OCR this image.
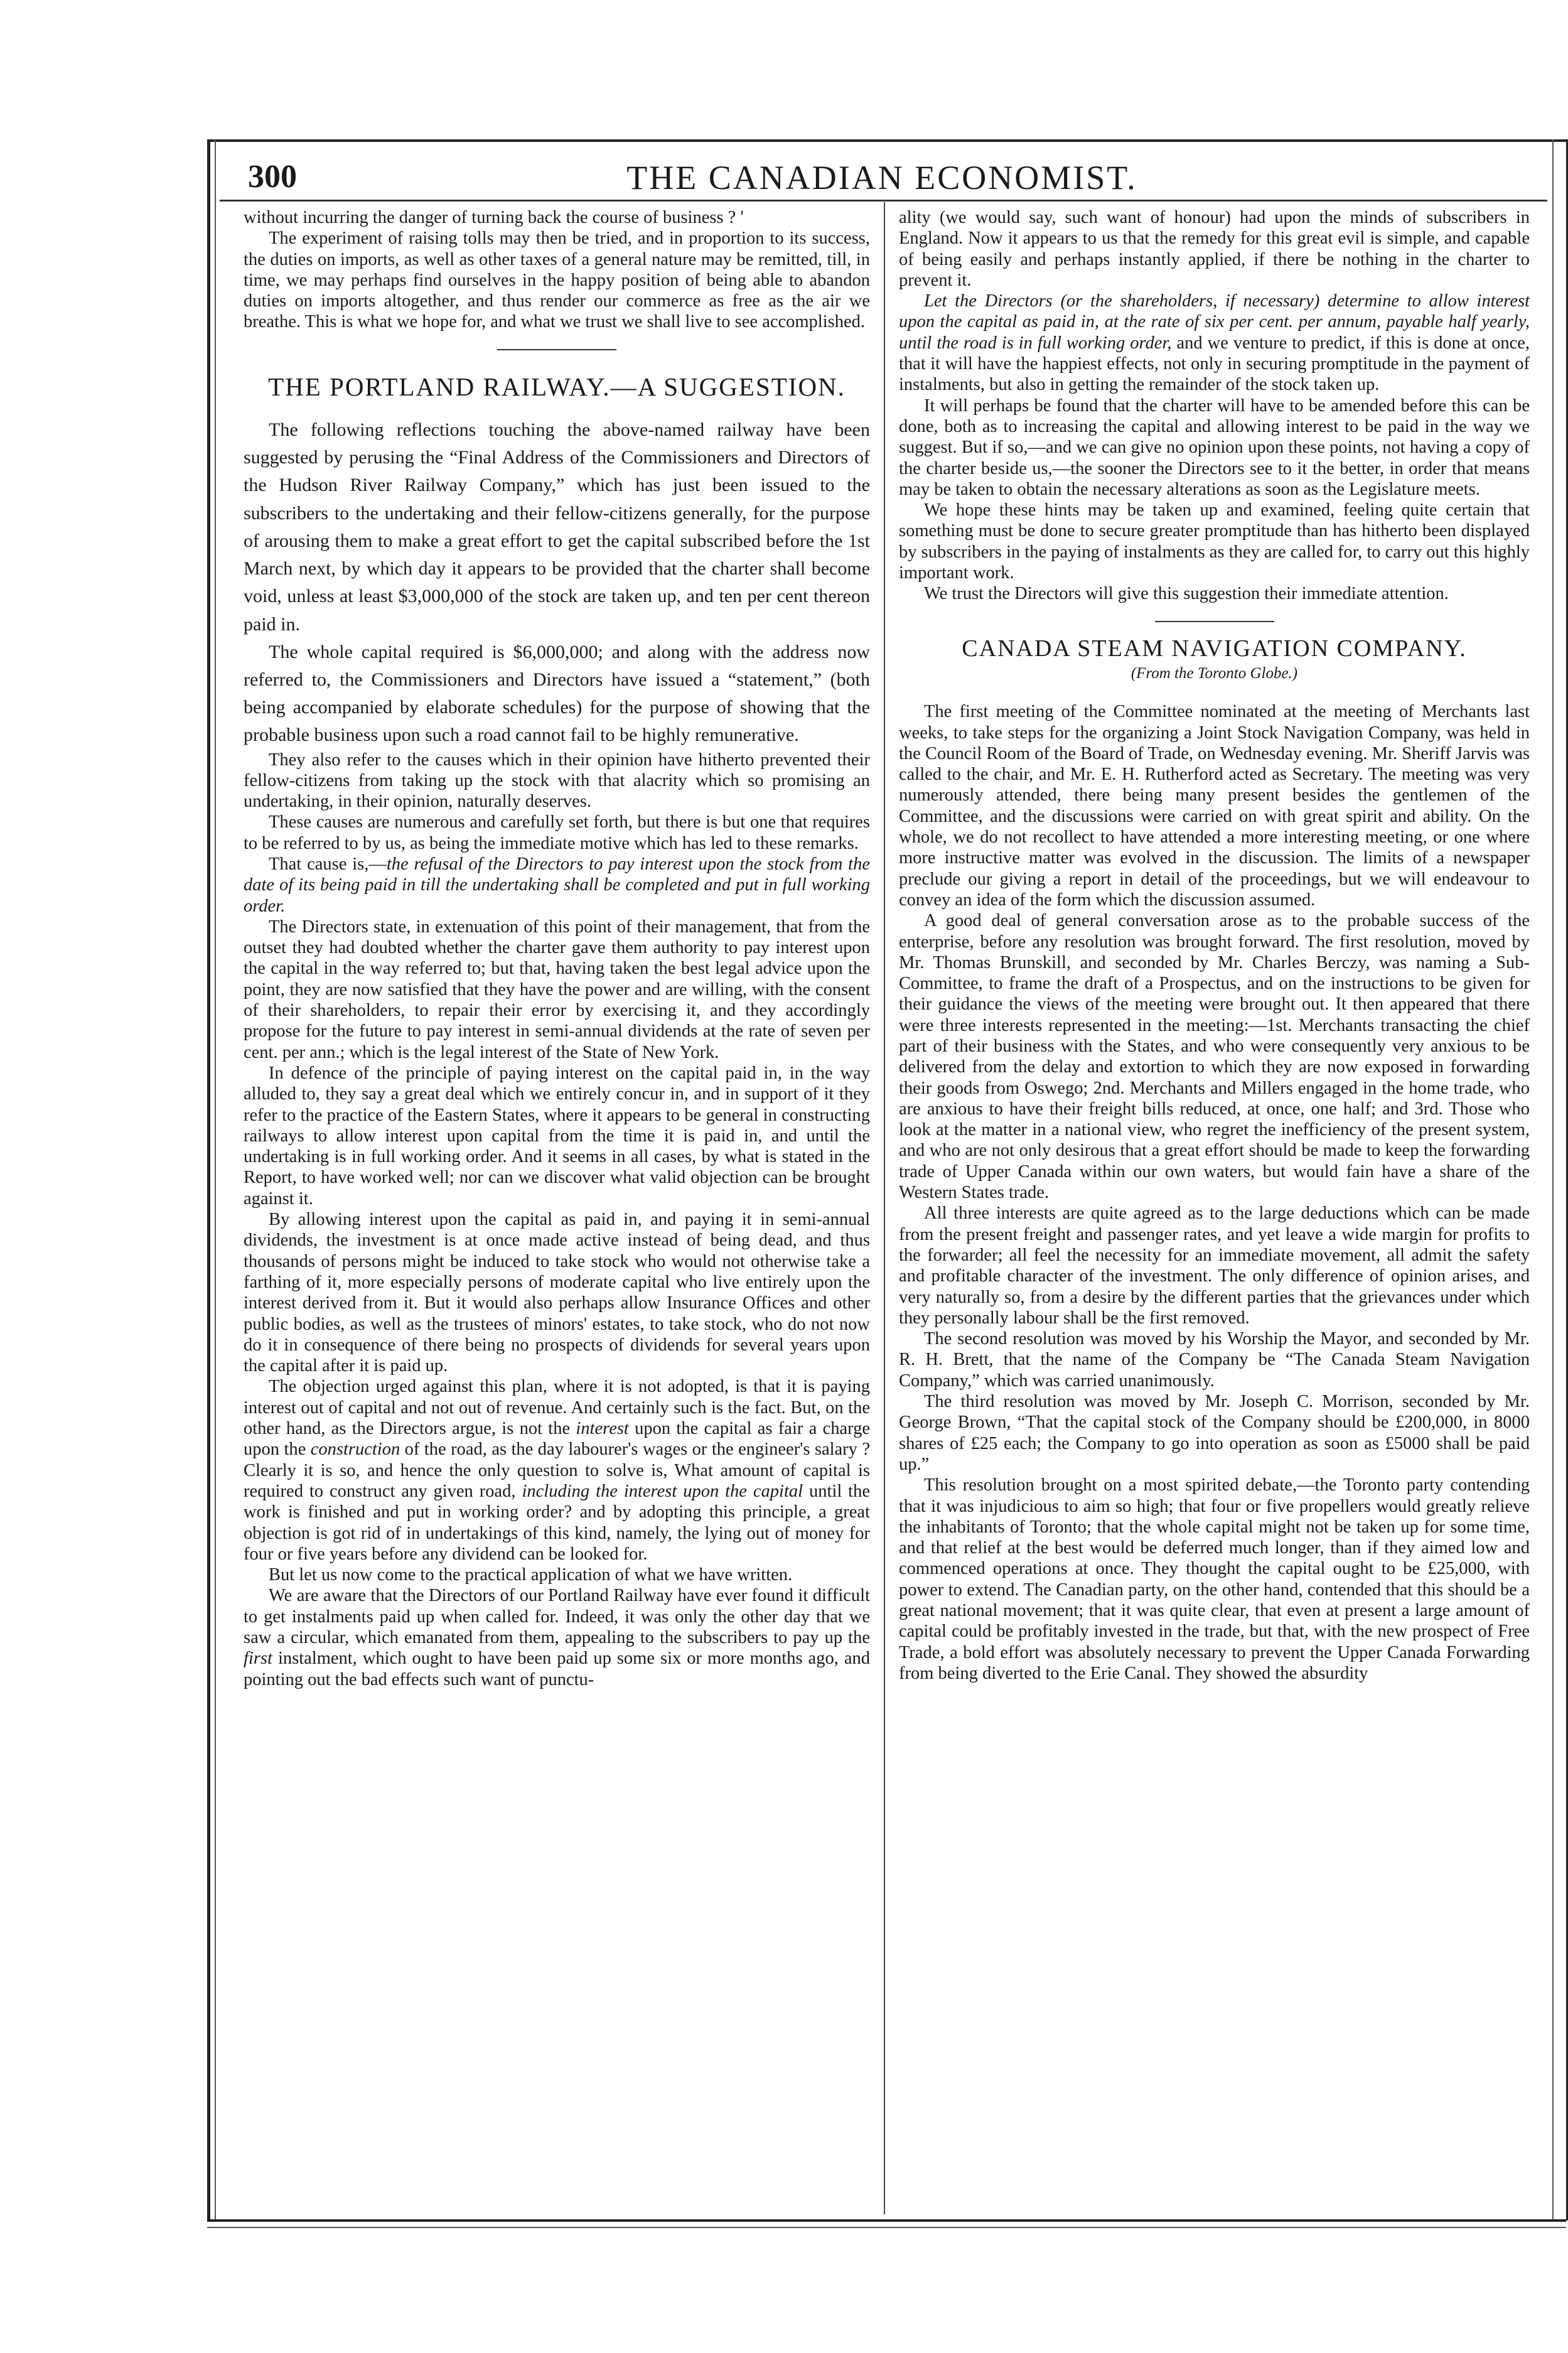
300	THE CANADIAN ECONOMIST.

without incurring the danger of turning back the course of business ? '

The experiment of raising tolls may then be tried, and in proportion to its success, the duties on imports, as well as other taxes of a general nature may be remitted, till, in time, we may perhaps find ourselves in the happy position of being able to abandon duties on imports altogether, and thus render our commerce as free as the air we breathe. This is what we hope for, and what we trust we shall live to see accomplished.

THE PORTLAND RAILWAY.—A SUGGESTION.

The following reflections touching the above-named railway have been suggested by perusing the “Final Address of the Commissioners and Directors of the Hudson River Railway Company,” which has just been issued to the subscribers to the undertaking and their fellow-citizens generally, for the purpose of arousing them to make a great effort to get the capital subscribed before the 1st March next, by which day it appears to be provided that the charter shall become void, unless at least $3,000,000 of the stock are taken up, and ten per cent thereon paid in.

The whole capital required is $6,000,000; and along with the address now referred to, the Commissioners and Directors have issued a “statement,” (both being accompanied by elaborate schedules) for the purpose of showing that the probable business upon such a road cannot fail to be highly remunerative.

They also refer to the causes which in their opinion have hitherto prevented their fellow-citizens from taking up the stock with that alacrity which so promising an undertaking, in their opinion, naturally deserves.

These causes are numerous and carefully set forth, but there is but one that requires to be referred to by us, as being the immediate motive which has led to these remarks.

That cause is,—the refusal of the Directors to pay interest upon the stock from the date of its being paid in till the undertaking shall be completed and put in full working order.

The Directors state, in extenuation of this point of their management, that from the outset they had doubted whether the charter gave them authority to pay interest upon the capital in the way referred to; but that, having taken the best legal advice upon the point, they are now satisfied that they have the power and are willing, with the consent of their shareholders, to repair their error by exercising it, and they accordingly propose for the future to pay interest in semi-annual dividends at the rate of seven per cent. per ann.; which is the legal interest of the State of New York.

In defence of the principle of paying interest on the capital paid in, in the way alluded to, they say a great deal which we entirely concur in, and in support of it they refer to the practice of the Eastern States, where it appears to be general in constructing railways to allow interest upon capital from the time it is paid in, and until the undertaking is in full working order. And it seems in all cases, by what is stated in the Report, to have worked well; nor can we discover what valid objection can be brought against it.

By allowing interest upon the capital as paid in, and paying it in semi-annual dividends, the investment is at once made active instead of being dead, and thus thousands of persons might be induced to take stock who would not otherwise take a farthing of it, more especially persons of moderate capital who live entirely upon the interest derived from it. But it would also perhaps allow Insurance Offices and other public bodies, as well as the trustees of minors' estates, to take stock, who do not now do it in consequence of there being no prospects of dividends for several years upon the capital after it is paid up.

The objection urged against this plan, where it is not adopted, is that it is paying interest out of capital and not out of revenue. And certainly such is the fact. But, on the other hand, as the Directors argue, is not the interest upon the capital as fair a charge upon the construction of the road, as the day labourer's wages or the engineer's salary ? Clearly it is so, and hence the only question to solve is, What amount of capital is required to construct any given road, including the interest upon the capital until the work is finished and put in working order? and by adopting this principle, a great objection is got rid of in undertakings of this kind, namely, the lying out of money for four or five years before any dividend can be looked for.

But let us now come to the practical application of what we have written.

We are aware that the Directors of our Portland Railway have ever found it difficult to get instalments paid up when called for. Indeed, it was only the other day that we saw a circular, which emanated from them, appealing to the subscribers to pay up the first instalment, which ought to have been paid up some six or more months ago, and pointing out the bad effects such want of punctu-

ality (we would say, such want of honour) had upon the minds of subscribers in England. Now it appears to us that the remedy for this great evil is simple, and capable of being easily and perhaps instantly applied, if there be nothing in the charter to prevent it.

Let the Directors (or the shareholders, if necessary) determine to allow interest upon the capital as paid in, at the rate of six per cent. per annum, payable half yearly, until the road is in full working order, and we venture to predict, if this is done at once, that it will have the happiest effects, not only in securing promptitude in the payment of instalments, but also in getting the remainder of the stock taken up.

It will perhaps be found that the charter will have to be amended before this can be done, both as to increasing the capital and allowing interest to be paid in the way we suggest. But if so,—and we can give no opinion upon these points, not having a copy of the charter beside us,—the sooner the Directors see to it the better, in order that means may be taken to obtain the necessary alterations as soon as the Legislature meets.

We hope these hints may be taken up and examined, feeling quite certain that something must be done to secure greater promptitude than has hitherto been displayed by subscribers in the paying of instalments as they are called for, to carry out this highly important work.

We trust the Directors will give this suggestion their immediate attention.

CANADA STEAM NAVIGATION COMPANY.
(From the Toronto Globe.)

The first meeting of the Committee nominated at the meeting of Merchants last weeks, to take steps for the organizing a Joint Stock Navigation Company, was held in the Council Room of the Board of Trade, on Wednesday evening. Mr. Sheriff Jarvis was called to the chair, and Mr. E. H. Rutherford acted as Secretary. The meeting was very numerously attended, there being many present besides the gentlemen of the Committee, and the discussions were carried on with great spirit and ability. On the whole, we do not recollect to have attended a more interesting meeting, or one where more instructive matter was evolved in the discussion. The limits of a newspaper preclude our giving a report in detail of the proceedings, but we will endeavour to convey an idea of the form which the discussion assumed.

A good deal of general conversation arose as to the probable success of the enterprise, before any resolution was brought forward. The first resolution, moved by Mr. Thomas Brunskill, and seconded by Mr. Charles Berczy, was naming a Sub-Committee, to frame the draft of a Prospectus, and on the instructions to be given for their guidance the views of the meeting were brought out. It then appeared that there were three interests represented in the meeting:—1st. Merchants transacting the chief part of their business with the States, and who were consequently very anxious to be delivered from the delay and extortion to which they are now exposed in forwarding their goods from Oswego; 2nd. Merchants and Millers engaged in the home trade, who are anxious to have their freight bills reduced, at once, one half; and 3rd. Those who look at the matter in a national view, who regret the inefficiency of the present system, and who are not only desirous that a great effort should be made to keep the forwarding trade of Upper Canada within our own waters, but would fain have a share of the Western States trade.

All three interests are quite agreed as to the large deductions which can be made from the present freight and passenger rates, and yet leave a wide margin for profits to the forwarder; all feel the necessity for an immediate movement, all admit the safety and profitable character of the investment. The only difference of opinion arises, and very naturally so, from a desire by the different parties that the grievances under which they personally labour shall be the first removed.

The second resolution was moved by his Worship the Mayor, and seconded by Mr. R. H. Brett, that the name of the Company be “The Canada Steam Navigation Company,” which was carried unanimously.

The third resolution was moved by Mr. Joseph C. Morrison, seconded by Mr. George Brown, “That the capital stock of the Company should be £200,000, in 8000 shares of £25 each; the Company to go into operation as soon as £5000 shall be paid up.”

This resolution brought on a most spirited debate,—the Toronto party contending that it was injudicious to aim so high; that four or five propellers would greatly relieve the inhabitants of Toronto; that the whole capital might not be taken up for some time, and that relief at the best would be deferred much longer, than if they aimed low and commenced operations at once. They thought the capital ought to be £25,000, with power to extend. The Canadian party, on the other hand, contended that this should be a great national movement; that it was quite clear, that even at present a large amount of capital could be profitably invested in the trade, but that, with the new prospect of Free Trade, a bold effort was absolutely necessary to prevent the Upper Canada Forwarding from being diverted to the Erie Canal. They showed the absurdity
